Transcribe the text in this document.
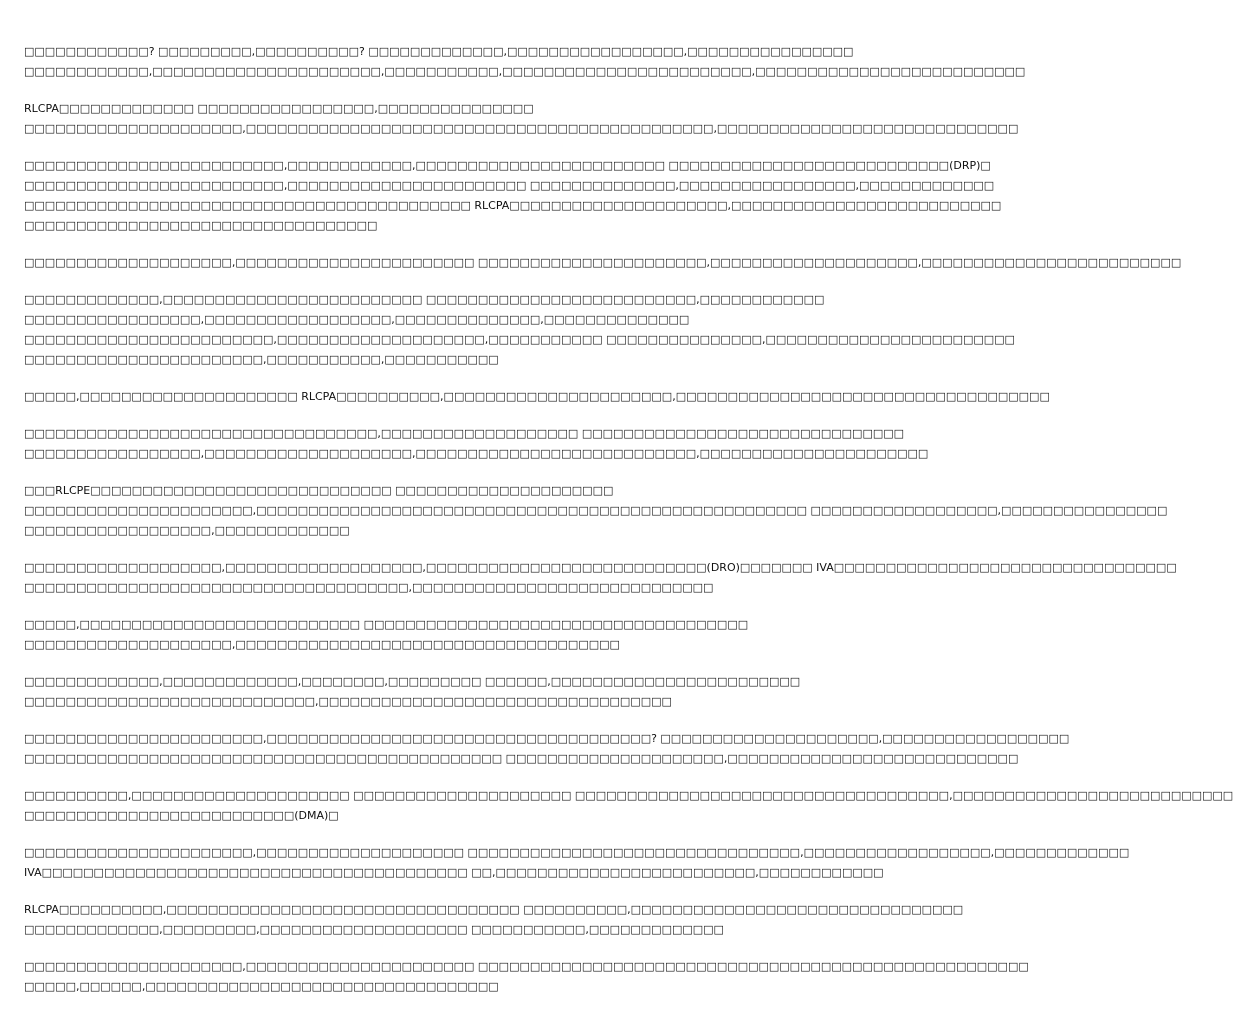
□□□□□□□□□□□□? □□□□□□□□□,□□□□□□□□□□? □□□□□□□□□□□□□,□□□□□□□□□□□□□□□□□,□□□□□□□□□□□□□□□□
□□□□□□□□□□□□,□□□□□□□□□□□□□□□□□□□□□□,□□□□□□□□□□□,□□□□□□□□□□□□□□□□□□□□□□□□,□□□□□□□□□□□□□□□□□□□□□□□□□□
RLCPA□□□□□□□□□□□□□ □□□□□□□□□□□□□□□□□,□□□□□□□□□□□□□□□
□□□□□□□□□□□□□□□□□□□□□,□□□□□□□□□□□□□□□□□□□□□□□□□□□□□□□□□□□□□□□□□□□□□,□□□□□□□□□□□□□□□□□□□□□□□□□□□□□
□□□□□□□□□□□□□□□□□□□□□□□□□,□□□□□□□□□□□□,□□□□□□□□□□□□□□□□□□□□□□□□ □□□□□□□□□□□□□□□□□□□□□□□□□□□(DRP)□
□□□□□□□□□□□□□□□□□□□□□□□□□,□□□□□□□□□□□□□□□□□□□□□□□ □□□□□□□□□□□□□□,□□□□□□□□□□□□□□□□□,□□□□□□□□□□□□□
□□□□□□□□□□□□□□□□□□□□□□□□□□□□□□□□□□□□□□□□□□□ RLCPA□□□□□□□□□□□□□□□□□□□□□,□□□□□□□□□□□□□□□□□□□□□□□□□□
□□□□□□□□□□□□□□□□□□□□□□□□□□□□□□□□□□
□□□□□□□□□□□□□□□□□□□□,□□□□□□□□□□□□□□□□□□□□□□□ □□□□□□□□□□□□□□□□□□□□□□,□□□□□□□□□□□□□□□□□□□□,□□□□□□□□□□□□□□□□□□□□□□□□□
□□□□□□□□□□□□□,□□□□□□□□□□□□□□□□□□□□□□□□□ □□□□□□□□□□□□□□□□□□□□□□□□□□,□□□□□□□□□□□□
□□□□□□□□□□□□□□□□□,□□□□□□□□□□□□□□□□□□,□□□□□□□□□□□□□□,□□□□□□□□□□□□□□
□□□□□□□□□□□□□□□□□□□□□□□□,□□□□□□□□□□□□□□□□□□□□,□□□□□□□□□□□ □□□□□□□□□□□□□□□,□□□□□□□□□□□□□□□□□□□□□□□□
□□□□□□□□□□□□□□□□□□□□□□□,□□□□□□□□□□□,□□□□□□□□□□□
□□□□□,□□□□□□□□□□□□□□□□□□□□□ RLCPA□□□□□□□□□□,□□□□□□□□□□□□□□□□□□□□□□,□□□□□□□□□□□□□□□□□□□□□□□□□□□□□□□□□□□□
□□□□□□□□□□□□□□□□□□□□□□□□□□□□□□□□□□,□□□□□□□□□□□□□□□□□□□ □□□□□□□□□□□□□□□□□□□□□□□□□□□□□□□
□□□□□□□□□□□□□□□□□,□□□□□□□□□□□□□□□□□□□□,□□□□□□□□□□□□□□□□□□□□□□□□□□□,□□□□□□□□□□□□□□□□□□□□□□
□□□RLCPE□□□□□□□□□□□□□□□□□□□□□□□□□□□□□ □□□□□□□□□□□□□□□□□□□□□
□□□□□□□□□□□□□□□□□□□□□□,□□□□□□□□□□□□□□□□□□□□□□□□□□□□□□□□□□□□□□□□□□□□□□□□□□□□□ □□□□□□□□□□□□□□□□□□,□□□□□□□□□□□□□□□□
□□□□□□□□□□□□□□□□□□,□□□□□□□□□□□□□
□□□□□□□□□□□□□□□□□□□,□□□□□□□□□□□□□□□□□□□,□□□□□□□□□□□□□□□□□□□□□□□□□□□(DRO)□□□□□□□ IVA□□□□□□□□□□□□□□□□□□□□□□□□□□□□□□□□□
□□□□□□□□□□□□□□□□□□□□□□□□□□□□□□□□□□□□□,□□□□□□□□□□□□□□□□□□□□□□□□□□□□□
□□□□□,□□□□□□□□□□□□□□□□□□□□□□□□□□□ □□□□□□□□□□□□□□□□□□□□□□□□□□□□□□□□□□□□□
□□□□□□□□□□□□□□□□□□□□,□□□□□□□□□□□□□□□□□□□□□□□□□□□□□□□□□□□□□
□□□□□□□□□□□□□,□□□□□□□□□□□□□,□□□□□□□□,□□□□□□□□□ □□□□□□,□□□□□□□□□□□□□□□□□□□□□□□□
□□□□□□□□□□□□□□□□□□□□□□□□□□□□,□□□□□□□□□□□□□□□□□□□□□□□□□□□□□□□□□□
□□□□□□□□□□□□□□□□□□□□□□□,□□□□□□□□□□□□□□□□□□□□□□□□□□□□□□□□□□□□□? □□□□□□□□□□□□□□□□□□□□□,□□□□□□□□□□□□□□□□□□
□□□□□□□□□□□□□□□□□□□□□□□□□□□□□□□□□□□□□□□□□□□□□□ □□□□□□□□□□□□□□□□□□□□□,□□□□□□□□□□□□□□□□□□□□□□□□□□□□
□□□□□□□□□□,□□□□□□□□□□□□□□□□□□□□□ □□□□□□□□□□□□□□□□□□□□□ □□□□□□□□□□□□□□□□□□□□□□□□□□□□□□□□□□□□,□□□□□□□□□□□□□□□□□□□□□□□□□□□
□□□□□□□□□□□□□□□□□□□□□□□□□□(DMA)□
□□□□□□□□□□□□□□□□□□□□□□,□□□□□□□□□□□□□□□□□□□□ □□□□□□□□□□□□□□□□□□□□□□□□□□□□□□□□,□□□□□□□□□□□□□□□□□□,□□□□□□□□□□□□□
IVA□□□□□□□□□□□□□□□□□□□□□□□□□□□□□□□□□□□□□□□□□ □□,□□□□□□□□□□□□□□□□□□□□□□□□□,□□□□□□□□□□□□
RLCPA□□□□□□□□□□,□□□□□□□□□□□□□□□□□□□□□□□□□□□□□□□□□□ □□□□□□□□□□,□□□□□□□□□□□□□□□□□□□□□□□□□□□□□□□□
□□□□□□□□□□□□□,□□□□□□□□□,□□□□□□□□□□□□□□□□□□□□ □□□□□□□□□□□,□□□□□□□□□□□□□
□□□□□□□□□□□□□□□□□□□□□,□□□□□□□□□□□□□□□□□□□□□□ □□□□□□□□□□□□□□□□□□□□□□□□□□□□□□□□□□□□□□□□□□□□□□□□□□□□□
□□□□□,□□□□□□,□□□□□□□□□□□□□□□□□□□□□□□□□□□□□□□□□□
